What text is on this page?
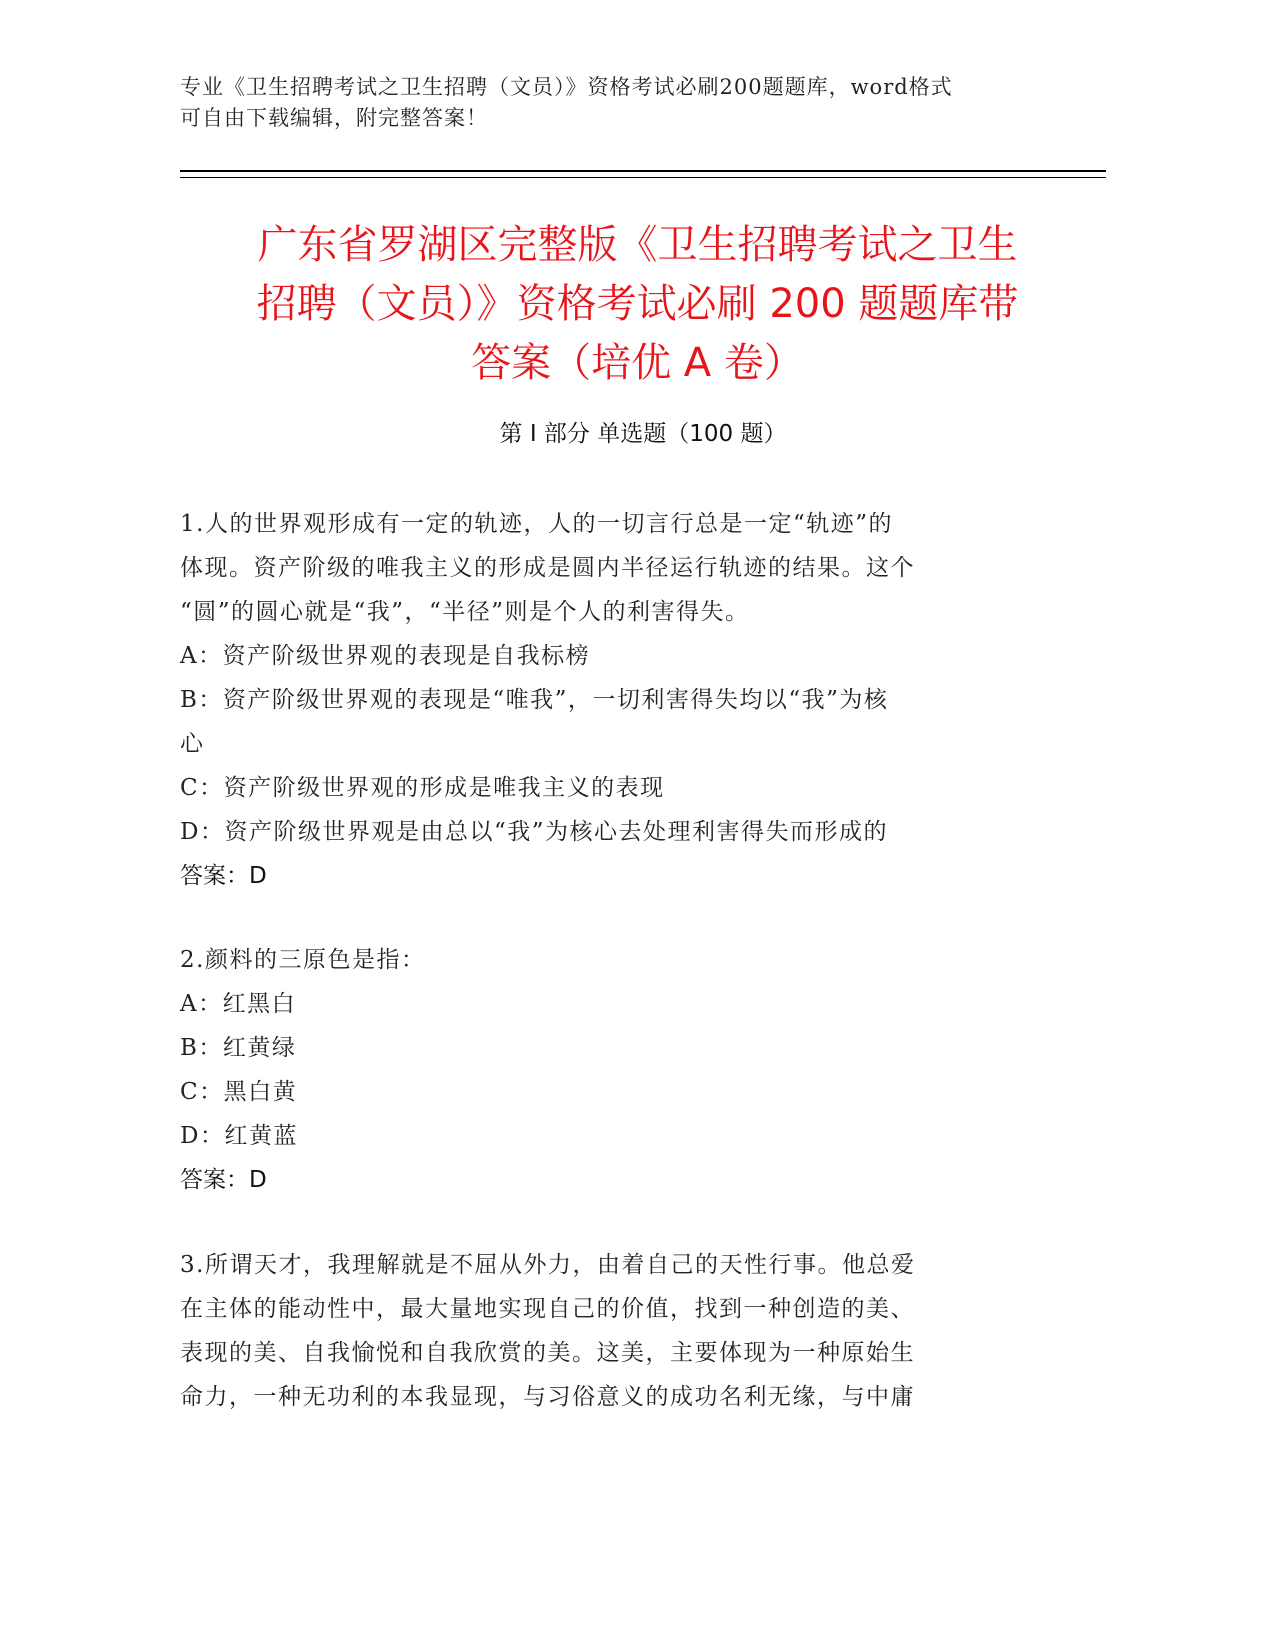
专业《卫生招聘考试之卫生招聘（文员）》资格考试必刷200题题库，word格式

可自由下载编辑，附完整答案！

广东省罗湖区完整版《卫生招聘考试之卫生
招聘（文员）》资格考试必刷 200 题题库带
答案（培优 A 卷）
第 I 部分 单选题（100 题）

1.人的世界观形成有一定的轨迹，人的一切言行总是一定“轨迹”的

体现。资产阶级的唯我主义的形成是圆内半径运行轨迹的结果。这个

“圆”的圆心就是“我”，“半径”则是个人的利害得失。

A：资产阶级世界观的表现是自我标榜

B：资产阶级世界观的表现是“唯我”，一切利害得失均以“我”为核

心

C：资产阶级世界观的形成是唯我主义的表现

D：资产阶级世界观是由总以“我”为核心去处理利害得失而形成的

答案：D

2.颜料的三原色是指：

A：红黑白

B：红黄绿

C：黑白黄

D：红黄蓝

答案：D

3.所谓天才，我理解就是不屈从外力，由着自己的天性行事。他总爱

在主体的能动性中，最大量地实现自己的价值，找到一种创造的美、

表现的美、自我愉悦和自我欣赏的美。这美，主要体现为一种原始生

命力，一种无功利的本我显现，与习俗意义的成功名利无缘，与中庸
